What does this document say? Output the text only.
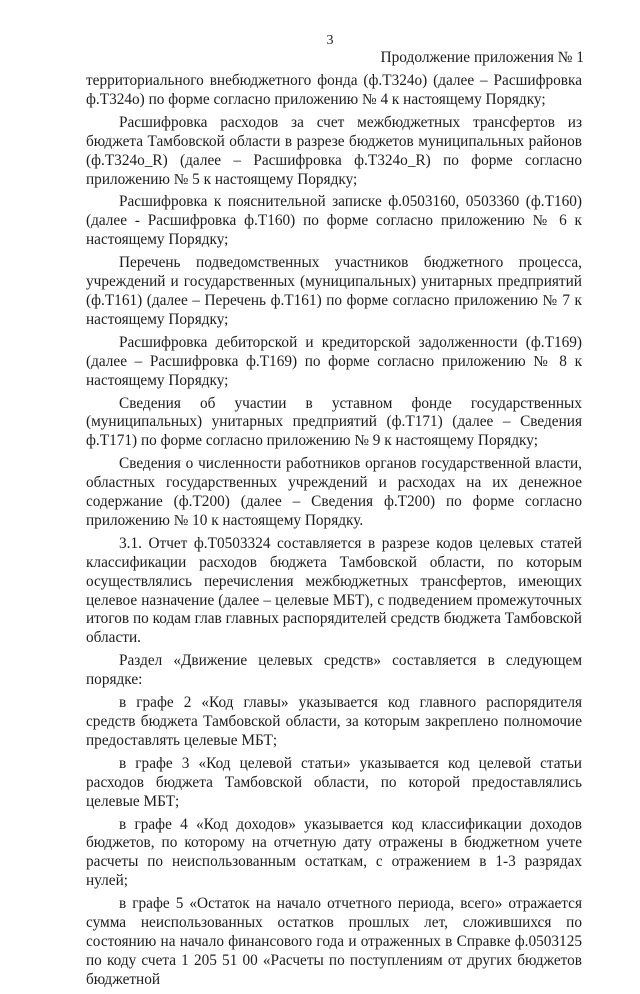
3
Продолжение приложения № 1

территориального внебюджетного фонда (ф.Т324о) (далее – Расшифровка ф.Т324о) по форме согласно приложению № 4 к настоящему Порядку;

Расшифровка расходов за счет межбюджетных трансфертов из бюджета Тамбовской области в разрезе бюджетов муниципальных районов (ф.Т324о_R) (далее – Расшифровка ф.Т324о_R) по форме согласно приложению № 5 к настоящему Порядку;

Расшифровка к пояснительной записке ф.0503160, 0503360 (ф.Т160) (далее - Расшифровка ф.Т160) по форме согласно приложению № 6 к настоящему Порядку;

Перечень подведомственных участников бюджетного процесса, учреждений и государственных (муниципальных) унитарных предприятий (ф.Т161) (далее – Перечень ф.Т161) по форме согласно приложению № 7 к настоящему Порядку;

Расшифровка дебиторской и кредиторской задолженности (ф.Т169) (далее – Расшифровка ф.Т169) по форме согласно приложению № 8 к настоящему Порядку;

Сведения об участии в уставном фонде государственных (муниципальных) унитарных предприятий (ф.Т171) (далее – Сведения ф.Т171) по форме согласно приложению № 9 к настоящему Порядку;

Сведения о численности работников органов государственной власти, областных государственных учреждений и расходах на их денежное содержание (ф.Т200) (далее – Сведения ф.Т200) по форме согласно приложению № 10 к настоящему Порядку.

3.1. Отчет ф.Т0503324 составляется в разрезе кодов целевых статей классификации расходов бюджета Тамбовской области, по которым осуществлялись перечисления межбюджетных трансфертов, имеющих целевое назначение (далее – целевые МБТ), с подведением промежуточных итогов по кодам глав главных распорядителей средств бюджета Тамбовской области.

Раздел «Движение целевых средств» составляется в следующем порядке:

в графе 2 «Код главы» указывается код главного распорядителя средств бюджета Тамбовской области, за которым закреплено полномочие предоставлять целевые МБТ;

в графе 3 «Код целевой статьи» указывается код целевой статьи расходов бюджета Тамбовской области, по которой предоставлялись целевые МБТ;

в графе 4 «Код доходов» указывается код классификации доходов бюджетов, по которому на отчетную дату отражены в бюджетном учете расчеты по неиспользованным остаткам, с отражением в 1-3 разрядах нулей;

в графе 5 «Остаток на начало отчетного периода, всего» отражается сумма неиспользованных остатков прошлых лет, сложившихся по состоянию на начало финансового года и отраженных в Справке ф.0503125 по коду счета 1 205 51 00 «Расчеты по поступлениям от других бюджетов бюджетной
